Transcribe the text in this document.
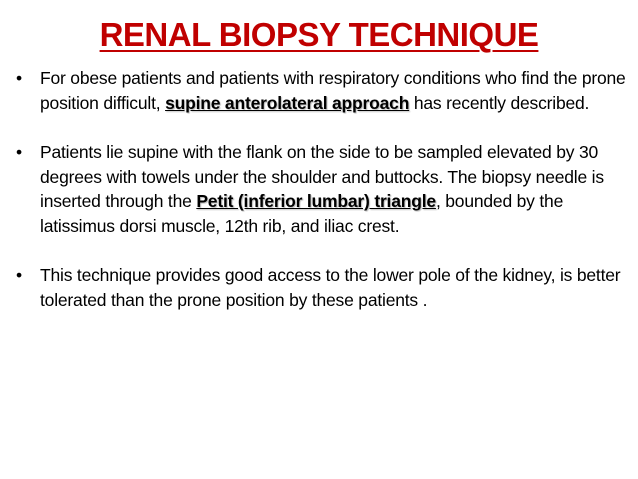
RENAL BIOPSY TECHNIQUE
• For obese patients and patients with respiratory conditions who find the prone position difficult, supine anterolateral approach has recently described.
• Patients lie supine with the flank on the side to be sampled elevated by 30 degrees with towels under the shoulder and buttocks. The biopsy needle is inserted through the Petit (inferior lumbar) triangle, bounded by the latissimus dorsi muscle, 12th rib, and iliac crest.
• This technique provides good access to the lower pole of the kidney, is better tolerated than the prone position by these patients .
